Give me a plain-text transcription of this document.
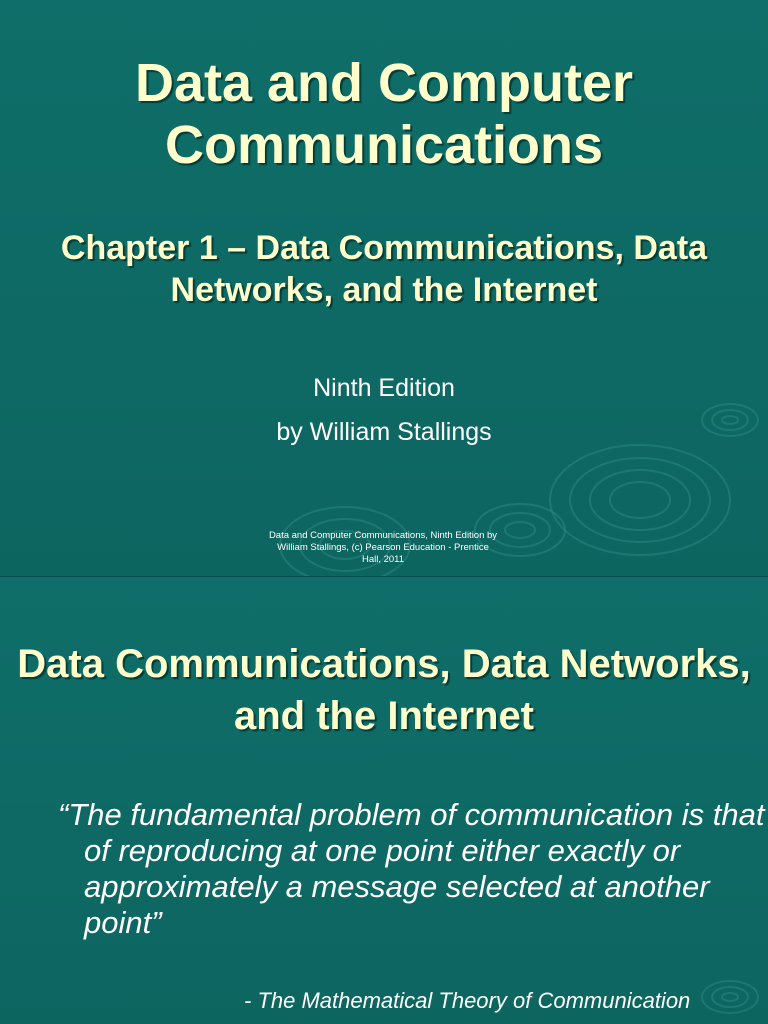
Data and Computer Communications
Chapter 1 – Data Communications, Data Networks, and the Internet
Ninth Edition
by William Stallings
Data and Computer Communications, Ninth Edition by William Stallings, (c) Pearson Education - Prentice Hall, 2011
Data Communications, Data Networks, and the Internet
“The fundamental problem of communication is that of reproducing at one point either exactly or approximately a message selected at another point”
- The Mathematical Theory of Communication
